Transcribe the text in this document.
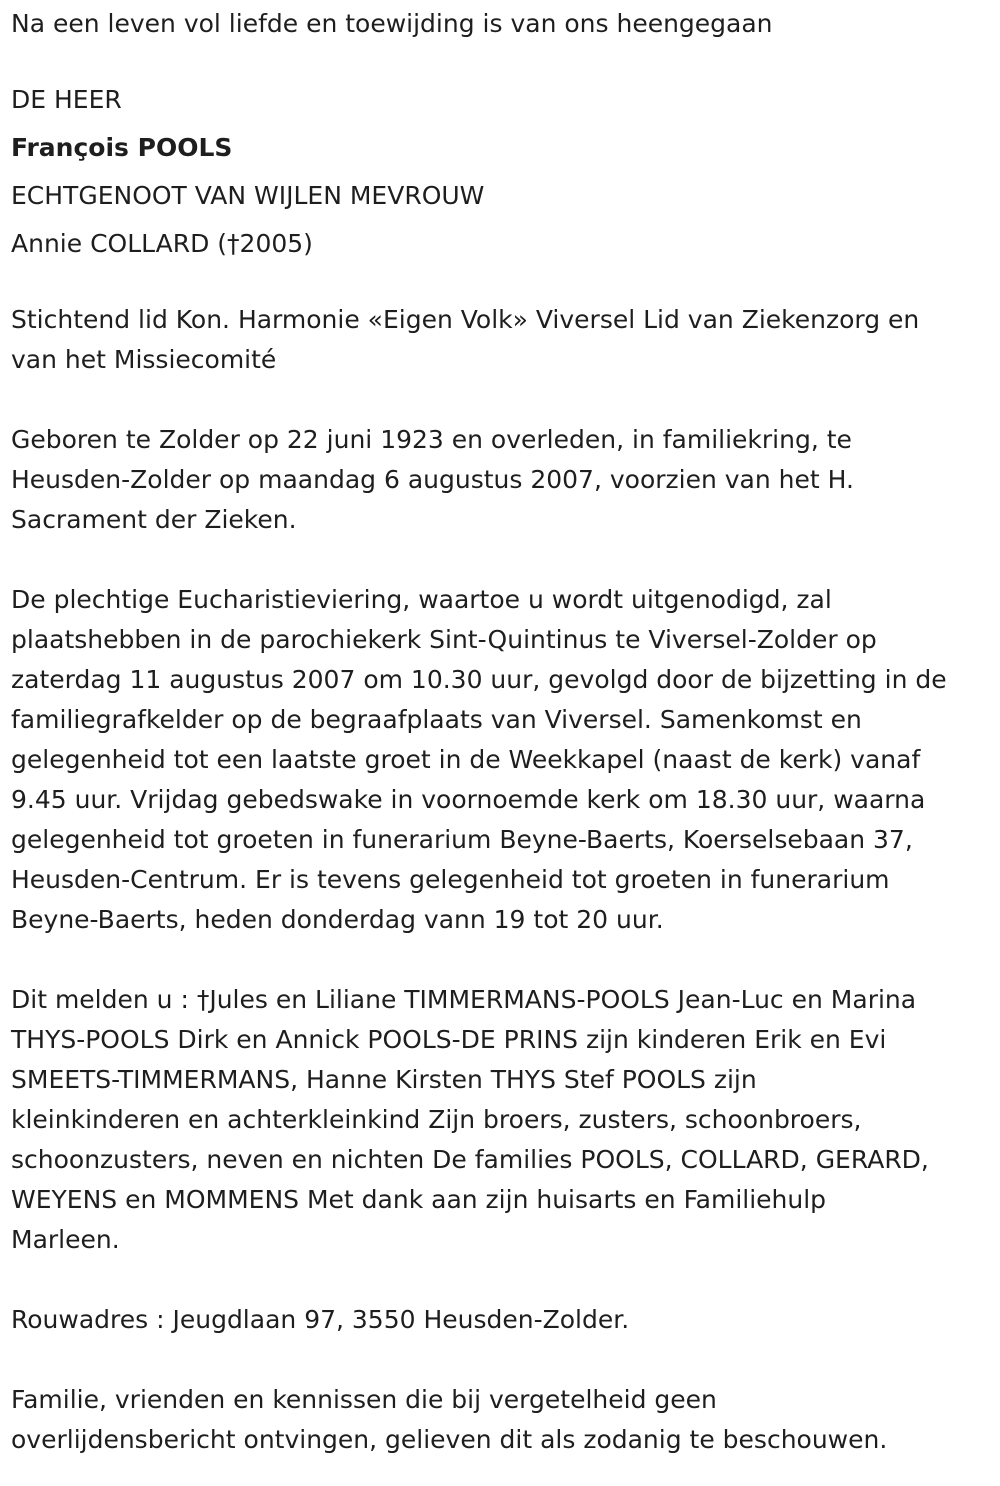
Na een leven vol liefde en toewijding is van ons heengegaan

DE HEER

François POOLS

ECHTGENOOT VAN WIJLEN MEVROUW

Annie COLLARD (†2005)

Stichtend lid Kon. Harmonie «Eigen Volk» Viversel Lid van Ziekenzorg en

van het Missiecomité

Geboren te Zolder op 22 juni 1923 en overleden, in familiekring, te

Heusden-Zolder op maandag 6 augustus 2007, voorzien van het H.

Sacrament der Zieken.

De plechtige Eucharistieviering, waartoe u wordt uitgenodigd, zal

plaatshebben in de parochiekerk Sint-Quintinus te Viversel-Zolder op

zaterdag 11 augustus 2007 om 10.30 uur, gevolgd door de bijzetting in de

familiegrafkelder op de begraafplaats van Viversel. Samenkomst en

gelegenheid tot een laatste groet in de Weekkapel (naast de kerk) vanaf

9.45 uur. Vrijdag gebedswake in voornoemde kerk om 18.30 uur, waarna

gelegenheid tot groeten in funerarium Beyne-Baerts, Koerselsebaan 37,

Heusden-Centrum. Er is tevens gelegenheid tot groeten in funerarium

Beyne-Baerts, heden donderdag vann 19 tot 20 uur.

Dit melden u : †Jules en Liliane TIMMERMANS-POOLS Jean-Luc en Marina

THYS-POOLS Dirk en Annick POOLS-DE PRINS zijn kinderen Erik en Evi

SMEETS-TIMMERMANS, Hanne Kirsten THYS Stef POOLS zijn

kleinkinderen en achterkleinkind Zijn broers, zusters, schoonbroers,

schoonzusters, neven en nichten De families POOLS, COLLARD, GERARD,

WEYENS en MOMMENS Met dank aan zijn huisarts en Familiehulp

Marleen.

Rouwadres : Jeugdlaan 97, 3550 Heusden-Zolder.

Familie, vrienden en kennissen die bij vergetelheid geen

overlijdensbericht ontvingen, gelieven dit als zodanig te beschouwen.
